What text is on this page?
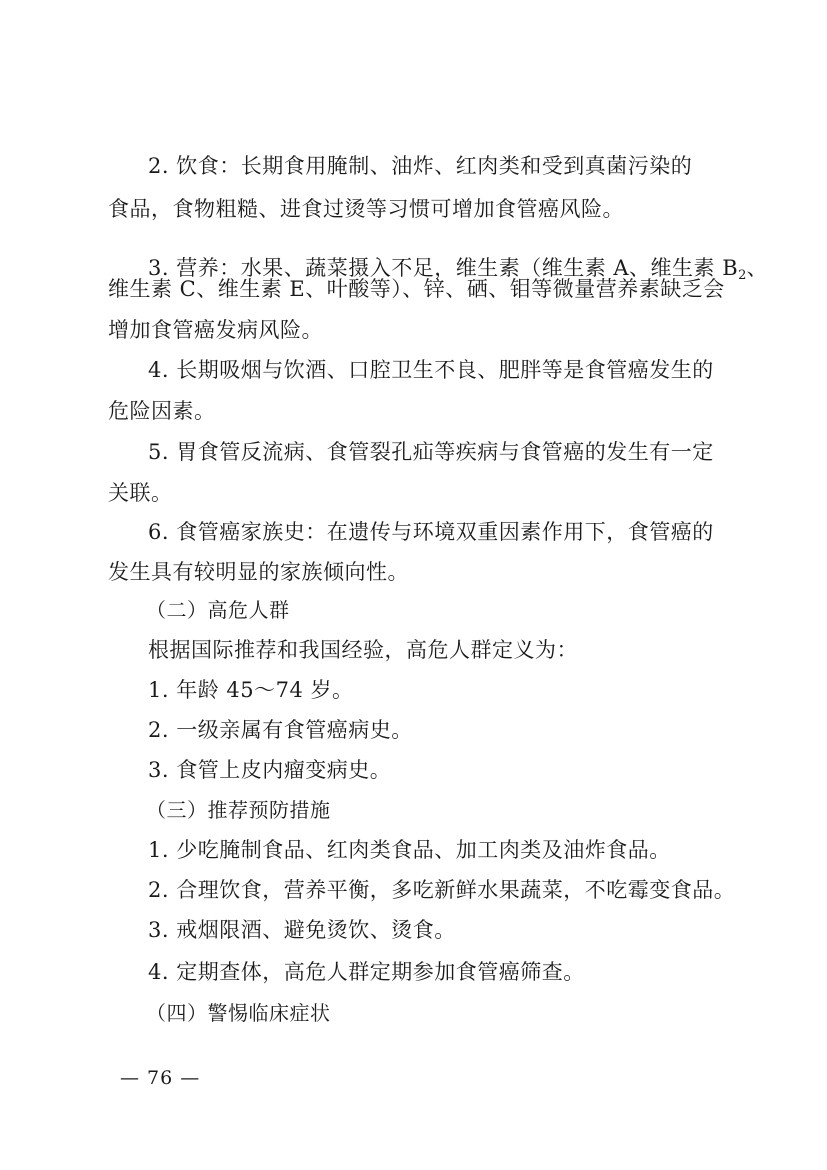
2. 饮食：长期食用腌制、油炸、红肉类和受到真菌污染的
食品，食物粗糙、进食过烫等习惯可增加食管癌风险。
3. 营养：水果、蔬菜摄入不足，维生素（维生素 A、维生素 $B_2$、
维生素 C、维生素 E、叶酸等）、锌、硒、钼等微量营养素缺乏会
增加食管癌发病风险。
4. 长期吸烟与饮酒、口腔卫生不良、肥胖等是食管癌发生的
危险因素。
5. 胃食管反流病、食管裂孔疝等疾病与食管癌的发生有一定
关联。
6. 食管癌家族史：在遗传与环境双重因素作用下，食管癌的
发生具有较明显的家族倾向性。
（二）高危人群
根据国际推荐和我国经验，高危人群定义为：
1. 年龄 45～74 岁。
2. 一级亲属有食管癌病史。
3. 食管上皮内瘤变病史。
（三）推荐预防措施
1. 少吃腌制食品、红肉类食品、加工肉类及油炸食品。
2. 合理饮食，营养平衡，多吃新鲜水果蔬菜，不吃霉变食品。
3. 戒烟限酒、避免烫饮、烫食。
4. 定期查体，高危人群定期参加食管癌筛查。
（四）警惕临床症状
— 76 —
